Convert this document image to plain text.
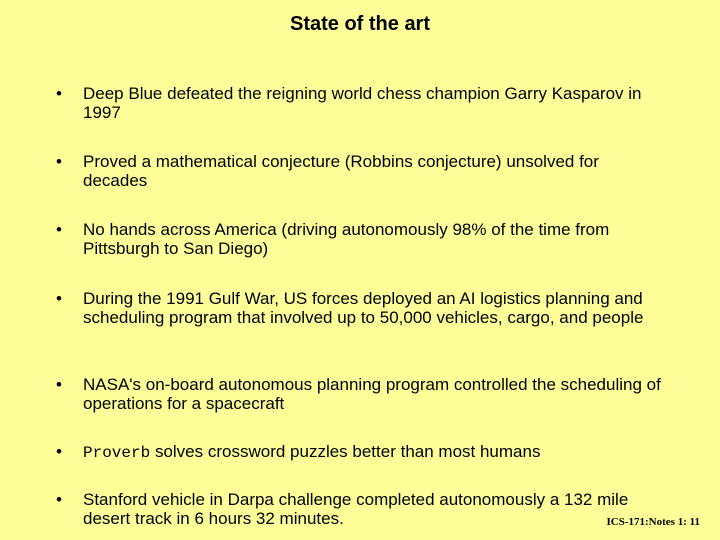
State of the art
•	Deep Blue defeated the reigning world chess champion Garry Kasparov in 1997
•	Proved a mathematical conjecture (Robbins conjecture) unsolved for decades
•	No hands across America (driving autonomously 98% of the time from Pittsburgh to San Diego)
•	During the 1991 Gulf War, US forces deployed an AI logistics planning and scheduling program that involved up to 50,000 vehicles, cargo, and people
•	NASA's on-board autonomous planning program controlled the scheduling of operations for a spacecraft
•	Proverb solves crossword puzzles better than most humans
•	Stanford vehicle in Darpa challenge completed autonomously a 132 mile desert track in 6 hours 32 minutes.	ICS-171:Notes 1: 11
